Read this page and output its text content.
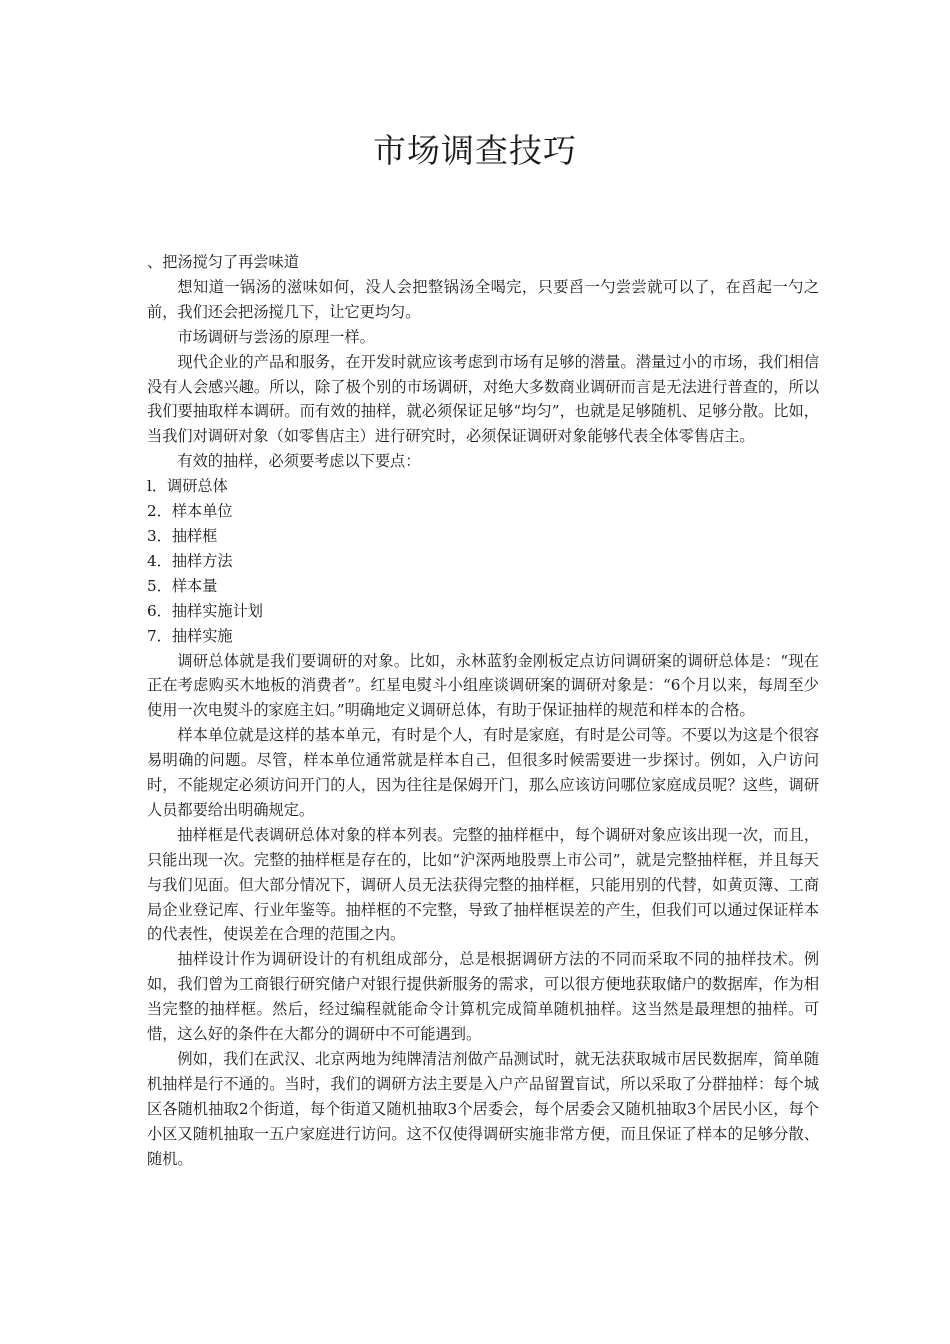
市场调查技巧

、把汤搅匀了再尝味道

想知道一锅汤的滋味如何，没人会把整锅汤全喝完，只要舀一勺尝尝就可以了，在舀起一勺之前，我们还会把汤搅几下，让它更均匀。

市场调研与尝汤的原理一样。

现代企业的产品和服务，在开发时就应该考虑到市场有足够的潜量。潜量过小的市场，我们相信没有人会感兴趣。所以，除了极个别的市场调研，对绝大多数商业调研而言是无法进行普查的，所以我们要抽取样本调研。而有效的抽样，就必须保证足够“均匀”，也就是足够随机、足够分散。比如，当我们对调研对象（如零售店主）进行研究时，必须保证调研对象能够代表全体零售店主。

有效的抽样，必须要考虑以下要点：

l．调研总体

2．样本单位

3．抽样框

4．抽样方法

5．样本量

6．抽样实施计划

7．抽样实施

调研总体就是我们要调研的对象。比如，永林蓝豹金刚板定点访问调研案的调研总体是：“现在正在考虑购买木地板的消费者”。红星电熨斗小组座谈调研案的调研对象是：“6个月以来，每周至少使用一次电熨斗的家庭主妇。”明确地定义调研总体，有助于保证抽样的规范和样本的合格。

样本单位就是这样的基本单元，有时是个人，有时是家庭，有时是公司等。不要以为这是个很容易明确的问题。尽管，样本单位通常就是样本自己，但很多时候需要进一步探讨。例如，入户访问时，不能规定必须访问开门的人，因为往往是保姆开门，那么应该访问哪位家庭成员呢？这些，调研人员都要给出明确规定。

抽样框是代表调研总体对象的样本列表。完整的抽样框中，每个调研对象应该出现一次，而且，只能出现一次。完整的抽样框是存在的，比如“沪深两地股票上市公司”，就是完整抽样框，并且每天与我们见面。但大部分情况下，调研人员无法获得完整的抽样框，只能用别的代替，如黄页簿、工商局企业登记库、行业年鉴等。抽样框的不完整，导致了抽样框误差的产生，但我们可以通过保证样本的代表性，使误差在合理的范围之内。

抽样设计作为调研设计的有机组成部分，总是根据调研方法的不同而采取不同的抽样技术。例如，我们曾为工商银行研究储户对银行提供新服务的需求，可以很方便地获取储户的数据库，作为相当完整的抽样框。然后，经过编程就能命令计算机完成简单随机抽样。这当然是最理想的抽样。可惜，这么好的条件在大都分的调研中不可能遇到。

例如，我们在武汉、北京两地为纯牌清洁剂做产品测试时，就无法获取城市居民数据库，简单随机抽样是行不通的。当时，我们的调研方法主要是入户产品留置盲试，所以采取了分群抽样：每个城区各随机抽取2个街道，每个街道又随机抽取3个居委会，每个居委会又随机抽取3个居民小区，每个小区又随机抽取一五户家庭进行访问。这不仅使得调研实施非常方便，而且保证了样本的足够分散、随机。
